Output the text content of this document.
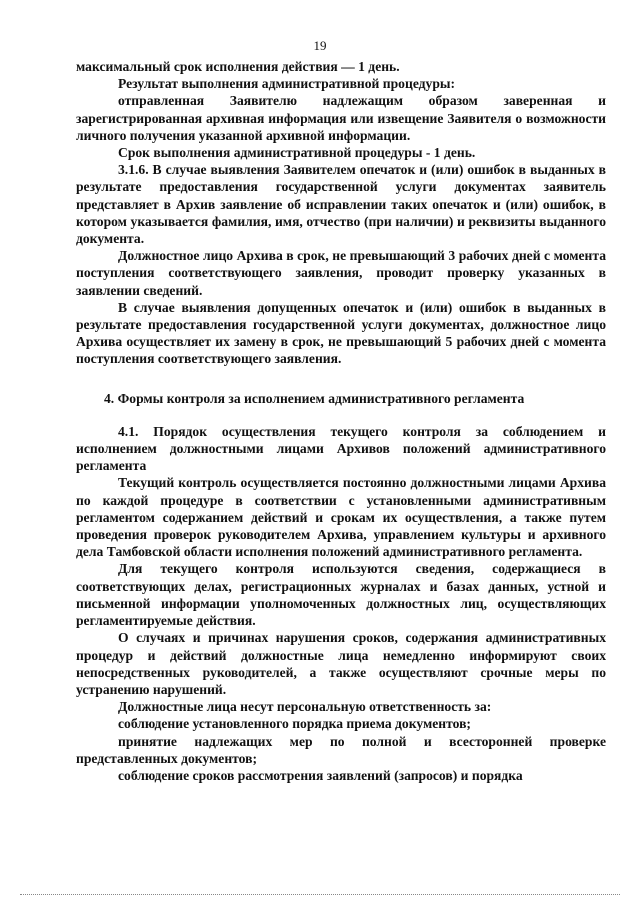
19

максимальный срок исполнения действия — 1 день.

Результат выполнения административной процедуры:

отправленная Заявителю надлежащим образом заверенная и зарегистрированная архивная информация или извещение Заявителя о возможности личного получения указанной архивной информации.

Срок выполнения административной процедуры - 1 день.

3.1.6. В случае выявления Заявителем опечаток и (или) ошибок в выданных в результате предоставления государственной услуги документах заявитель представляет в Архив заявление об исправлении таких опечаток и (или) ошибок, в котором указывается фамилия, имя, отчество (при наличии) и реквизиты выданного документа.

Должностное лицо Архива в срок, не превышающий 3 рабочих дней с момента поступления соответствующего заявления, проводит проверку указанных в заявлении сведений.

В случае выявления допущенных опечаток и (или) ошибок в выданных в результате предоставления государственной услуги документах, должностное лицо Архива осуществляет их замену в срок, не превышающий 5 рабочих дней с момента поступления соответствующего заявления.

4. Формы контроля за исполнением административного регламента

4.1. Порядок осуществления текущего контроля за соблюдением и исполнением должностными лицами Архивов положений административного регламента

Текущий контроль осуществляется постоянно должностными лицами Архива по каждой процедуре в соответствии с установленными административным регламентом содержанием действий и срокам их осуществления, а также путем проведения проверок руководителем Архива, управлением культуры и архивного дела Тамбовской области исполнения положений административного регламента.

Для текущего контроля используются сведения, содержащиеся в соответствующих делах, регистрационных журналах и базах данных, устной и письменной информации уполномоченных должностных лиц, осуществляющих регламентируемые действия.

О случаях и причинах нарушения сроков, содержания административных процедур и действий должностные лица немедленно информируют своих непосредственных руководителей, а также осуществляют срочные меры по устранению нарушений.

Должностные лица несут персональную ответственность за:

соблюдение установленного порядка приема документов;

принятие надлежащих мер по полной и всесторонней проверке представленных документов;

соблюдение сроков рассмотрения заявлений (запросов) и порядка
